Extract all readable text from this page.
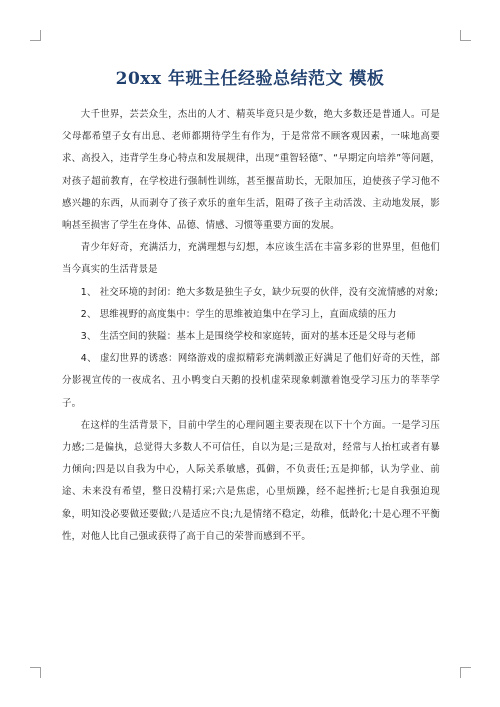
20xx 年班主任经验总结范文 模板

大千世界，芸芸众生，杰出的人才、精英毕竟只是少数，绝大多数还是普通人。可是父母都希望子女有出息、老师都期待学生有作为，于是常常不顾客观因素，一味地高要求、高投入，违背学生身心特点和发展规律，出现“重智轻德”、“早期定向培养”等问题，对孩子超前教育，在学校进行强制性训练，甚至揠苗助长，无限加压，迫使孩子学习他不感兴趣的东西，从而剥夺了孩子欢乐的童年生活，阻碍了孩子主动活泼、主动地发展，影响甚至损害了学生在身体、品德、情感、习惯等重要方面的发展。

青少年好奇，充满活力，充满理想与幻想，本应该生活在丰富多彩的世界里，但他们当今真实的生活背景是

1、 社交环境的封闭：绝大多数是独生子女，缺少玩耍的伙伴，没有交流情感的对象;

2、 思维视野的高度集中：学生的思维被迫集中在学习上，直面成绩的压力

3、 生活空间的狭隘：基本上是围绕学校和家庭转，面对的基本还是父母与老师

4、 虚幻世界的诱惑：网络游戏的虚拟精彩充满刺激正好满足了他们好奇的天性，部分影视宣传的一夜成名、丑小鸭变白天鹅的投机虚荣现象刺激着饱受学习压力的莘莘学子。

在这样的生活背景下，目前中学生的心理问题主要表现在以下十个方面。一是学习压力感;二是偏执，总觉得大多数人不可信任，自以为是;三是敌对，经常与人抬杠或者有暴力倾向;四是以自我为中心，人际关系敏感，孤僻，不负责任;五是抑郁，认为学业、前途、未来没有希望，整日没精打采;六是焦虑，心里烦躁，经不起挫折;七是自我强迫现象，明知没必要做还要做;八是适应不良;九是情绪不稳定，幼稚，低龄化;十是心理不平衡性，对他人比自己强或获得了高于自己的荣誉而感到不平。
